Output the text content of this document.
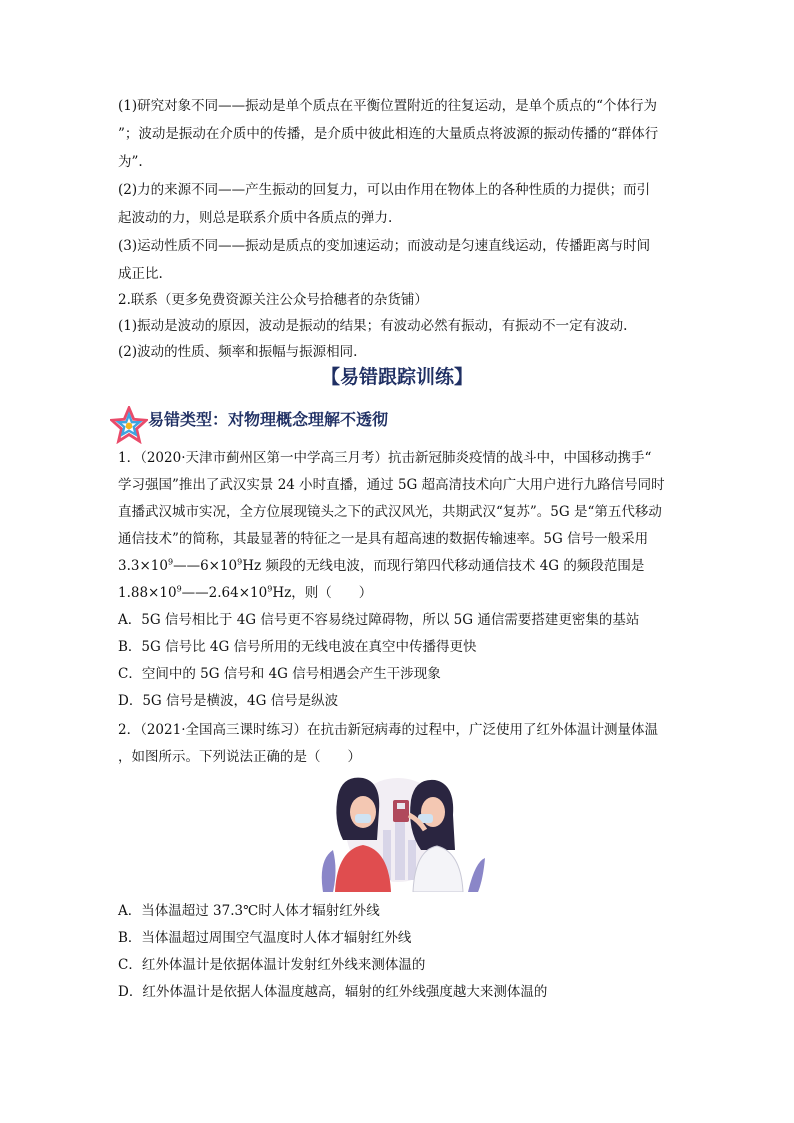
(1)研究对象不同——振动是单个质点在平衡位置附近的往复运动，是单个质点的“个体行为
”；波动是振动在介质中的传播，是介质中彼此相连的大量质点将波源的振动传播的“群体行
为”.
(2)力的来源不同——产生振动的回复力，可以由作用在物体上的各种性质的力提供；而引
起波动的力，则总是联系介质中各质点的弹力.
(3)运动性质不同——振动是质点的变加速运动；而波动是匀速直线运动，传播距离与时间
成正比.
2.联系（更多免费资源关注公众号拾穗者的杂货铺）
(1)振动是波动的原因，波动是振动的结果；有波动必然有振动，有振动不一定有波动.
(2)波动的性质、频率和振幅与振源相同.
【易错跟踪训练】
易错类型：对物理概念理解不透彻
1．（2020·天津市蓟州区第一中学高三月考）抗击新冠肺炎疫情的战斗中，中国移动携手“
学习强国”推出了武汉实景 24 小时直播，通过 5G 超高清技术向广大用户进行九路信号同时
直播武汉城市实况，全方位展现镜头之下的武汉风光，共期武汉“复苏”。5G 是“第五代移动
通信技术”的简称，其最显著的特征之一是具有超高速的数据传输速率。5G 信号一般采用
$3.3\times 10^9——6\times 10^9Hz$ 频段的无线电波，而现行第四代移动通信技术 4G 的频段范围是
$1.88\times 10^9——2.64\times 10^9Hz$，则（　　）
A．5G 信号相比于 4G 信号更不容易绕过障碍物，所以 5G 通信需要搭建更密集的基站
B．5G 信号比 4G 信号所用的无线电波在真空中传播得更快
C．空间中的 5G 信号和 4G 信号相遇会产生干涉现象
D．5G 信号是横波，4G 信号是纵波
2．（2021·全国高三课时练习）在抗击新冠病毒的过程中，广泛使用了红外体温计测量体温
，如图所示。下列说法正确的是（　　）
A．当体温超过 37.3℃时人体才辐射红外线
B．当体温超过周围空气温度时人体才辐射红外线
C．红外体温计是依据体温计发射红外线来测体温的
D．红外体温计是依据人体温度越高，辐射的红外线强度越大来测体温的
